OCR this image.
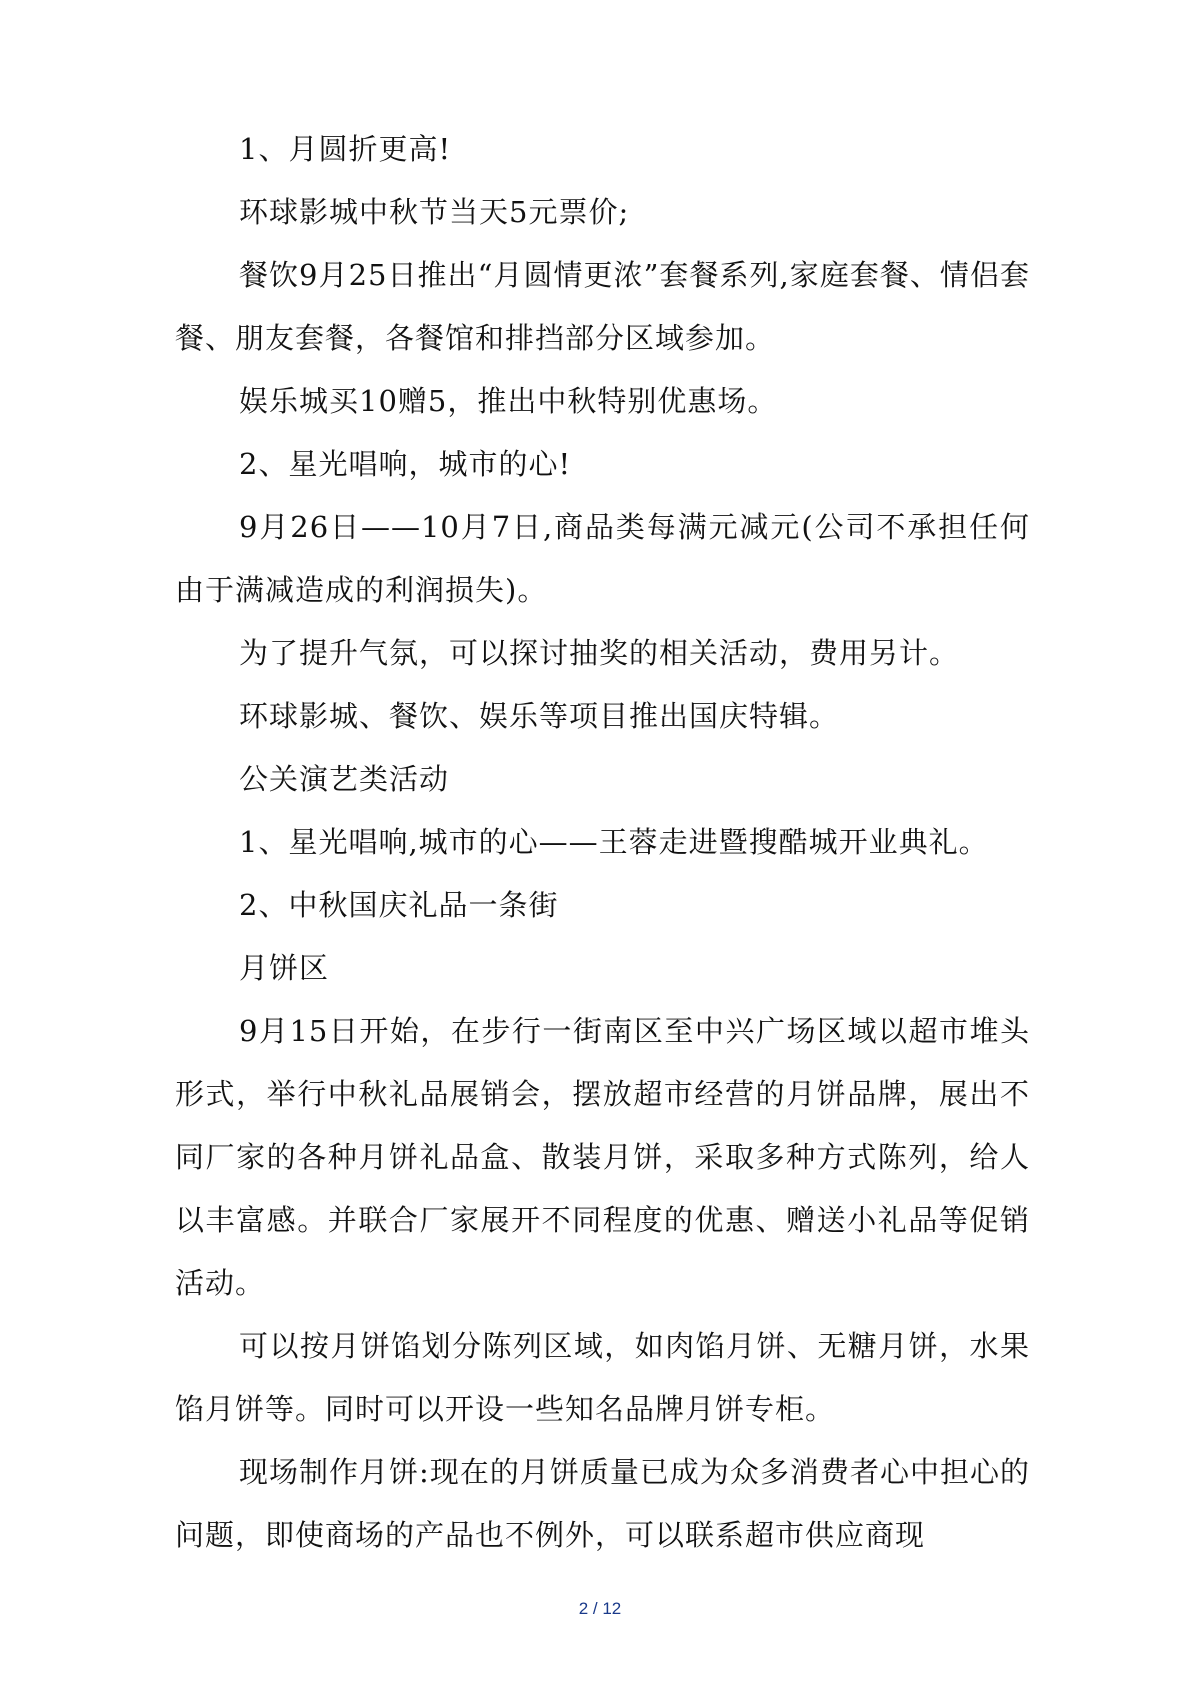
1、月圆折更高!

环球影城中秋节当天5元票价;

餐饮9月25日推出“月圆情更浓”套餐系列,家庭套餐、情侣套餐、朋友套餐，各餐馆和排挡部分区域参加。

娱乐城买10赠5，推出中秋特别优惠场。

2、星光唱响，城市的心!

9月26日——10月7日,商品类每满元减元(公司不承担任何由于满减造成的利润损失)。

为了提升气氛，可以探讨抽奖的相关活动，费用另计。

环球影城、餐饮、娱乐等项目推出国庆特辑。

公关演艺类活动

1、星光唱响,城市的心——王蓉走进暨搜酷城开业典礼。

2、中秋国庆礼品一条街

月饼区

9月15日开始，在步行一街南区至中兴广场区域以超市堆头形式，举行中秋礼品展销会，摆放超市经营的月饼品牌，展出不同厂家的各种月饼礼品盒、散装月饼，采取多种方式陈列，给人以丰富感。并联合厂家展开不同程度的优惠、赠送小礼品等促销活动。

可以按月饼馅划分陈列区域，如肉馅月饼、无糖月饼，水果馅月饼等。同时可以开设一些知名品牌月饼专柜。

现场制作月饼:现在的月饼质量已成为众多消费者心中担心的问题，即使商场的产品也不例外，可以联系超市供应商现

2 / 12
